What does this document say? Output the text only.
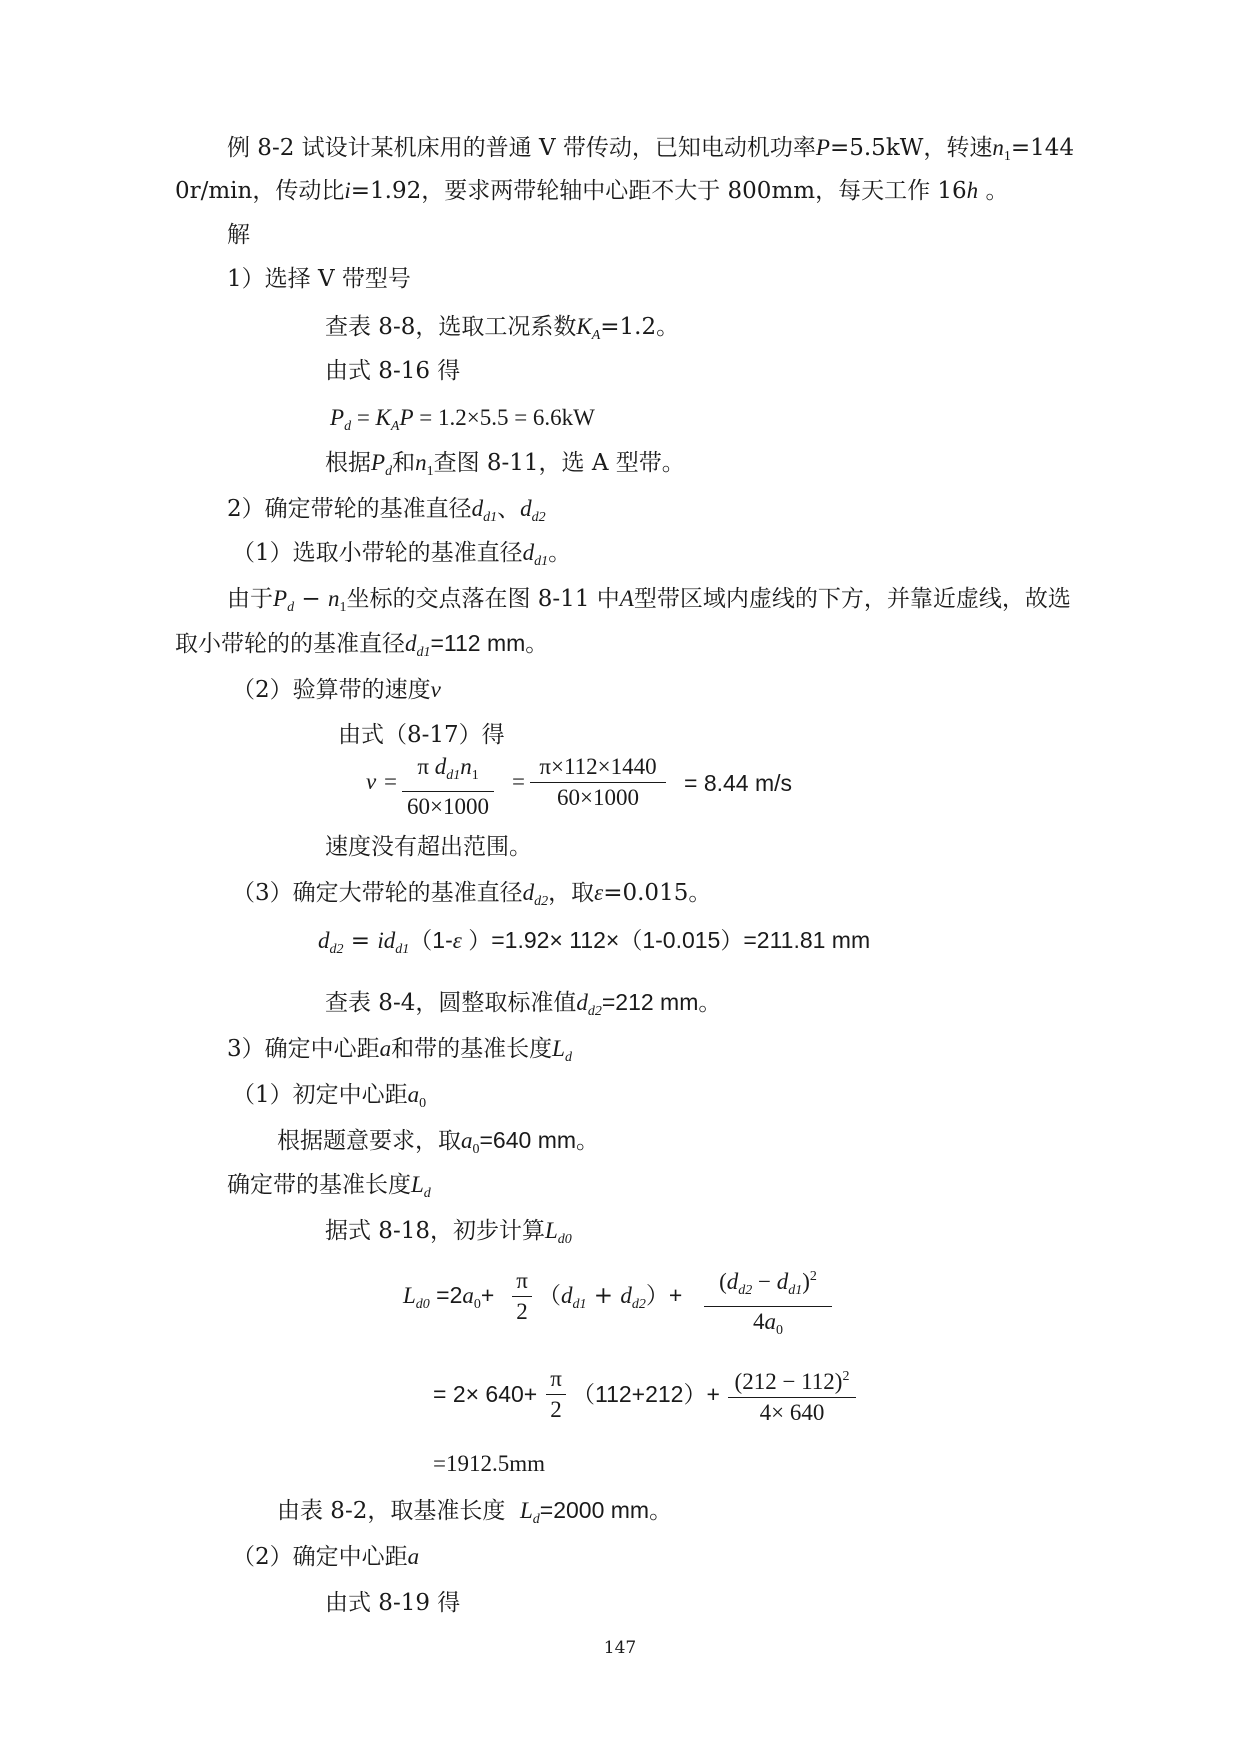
例 8-2 试设计某机床用的普通 V 带传动，已知电动机功率P=5.5kW，转速$n_1=144$
0r/min，传动比i=1.92，要求两带轮轴中心距不大于 800mm，每天工作 16h 。
解
1）选择 V 带型号
查表 8-8，选取工况系数$K_A=1.2$。
由式 8-16 得
$P_d = K_AP = 1.2\times 5.5 = 6.6kW$
根据$P_d$和$n_1$查图 8-11，选 A 型带。
2）确定带轮的基准直径$d_{d1}$、$d_{d2}$
（1）选取小带轮的基准直径$d_{d1}$。
由于$P_d - n_1$坐标的交点落在图 8-11 中A型带区域内虚线的下方，并靠近虚线，故选
取小带轮的的基准直径$d_{d1}=112$ mm。
（2）验算带的速度v
由式（8-17）得
v =
π $d_{d1}n_1$
60×1000
=
π×112×1440
60×1000
= 8.44 m/s
速度没有超出范围。
（3）确定大带轮的基准直径$d_{d2}$，取ε=0.015。
$d_{d2} = id_{d1}(1-\varepsilon$ ）=1.92× 112×（1-0.015）=211.81 mm
查表 8-4，圆整取标准值$d_{d2}=212$ mm。
3）确定中心距a和带的基准长度$L_d$
（1）初定中心距$a_0$
根据题意要求，取$a_0=640$ mm。
确定带的基准长度$L_d$
据式 8-18，初步计算$L_{d0}$
$L_{d0} =2a_0+$
π
2
$(d_{d1} + d_{d2})+$
$(d_{d2} - d_{d1})^2$
$4a_0$
= 2× 640+
π
2
$(112+212)+ (212 - 112)^2$
4× 640
=1912.5mm
由表 8-2，取基准长度 $L_d=2000$ mm。
（2）确定中心距a
由式 8-19 得
147
